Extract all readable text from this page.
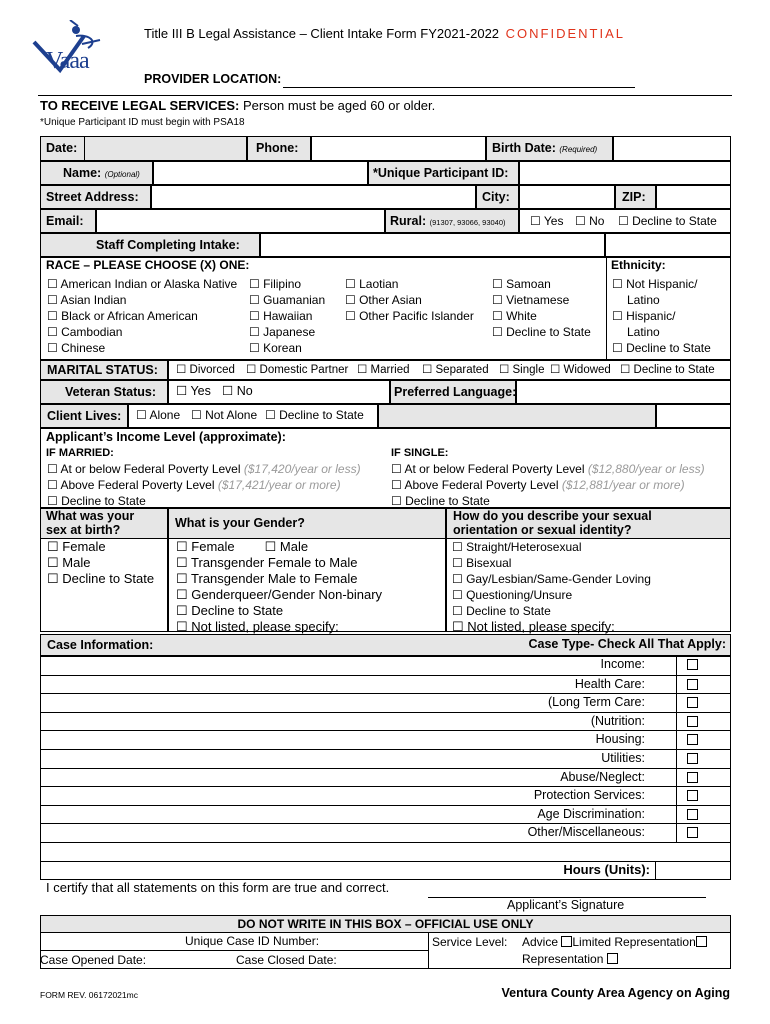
Vaaa
Title III B Legal Assistance – Client Intake Form FY2021-2022 CONFIDENTIAL
PROVIDER LOCATION:
TO RECEIVE LEGAL SERVICES: Person must be aged 60 or older.
*Unique Participant ID must begin with PSA18
Date:	Phone:	Birth Date: (Required)
Name: (Optional)	*Unique Participant ID:
Street Address:	City:	ZIP:
Email:	Rural: (91307, 93066, 93040)	☐ Yes	☐ No	☐ Decline to State
Staff Completing Intake:
RACE – PLEASE CHOOSE (X) ONE:	Ethnicity:
☐ American Indian or Alaska Native
☐ Asian Indian
☐ Black or African American
☐ Cambodian
☐ Chinese
☐ Filipino
☐ Guamanian
☐ Hawaiian
☐ Japanese
☐ Korean
☐ Laotian
☐ Other Asian
☐ Other Pacific Islander
☐ Samoan
☐ Vietnamese
☐ White
☐ Decline to State
☐ Not Hispanic/
Latino
☐ Hispanic/
Latino
☐ Decline to State
MARITAL STATUS:	☐ Divorced	☐ Domestic Partner	☐ Married	☐ Separated	☐ Single	☐ Widowed	☐ Decline to State
Veteran Status:	☐ Yes	☐ No	Preferred Language:
Client Lives:	☐ Alone	☐ Not Alone	☐ Decline to State
Applicant’s Income Level (approximate):
IF MARRIED:
☐ At or below Federal Poverty Level ($17,420/year or less)
☐ Above Federal Poverty Level ($17,421/year or more)
☐ Decline to State
IF SINGLE:
☐ At or below Federal Poverty Level ($12,880/year or less)
☐ Above Federal Poverty Level ($12,881/year or more)
☐ Decline to State
What was your
sex at birth?
☐ Female
☐ Male
☐ Decline to State
What is your Gender?
☐ Female	☐ Male
☐ Transgender Female to Male
☐ Transgender Male to Female
☐ Genderqueer/Gender Non-binary
☐ Decline to State
☐ Not listed, please specify:
How do you describe your sexual
orientation or sexual identity?
☐ Straight/Heterosexual
☐ Bisexual
☐ Gay/Lesbian/Same-Gender Loving
☐ Questioning/Unsure
☐ Decline to State
☐ Not listed, please specify:
Case Information:	Case Type- Check All That Apply:
Income:
Health Care:
(Long Term Care:
(Nutrition:
Housing:
Utilities:
Abuse/Neglect:
Protection Services:
Age Discrimination:
Other/Miscellaneous:
Hours (Units):
I certify that all statements on this form are true and correct.
Applicant’s Signature
DO NOT WRITE IN THIS BOX – OFFICIAL USE ONLY
Unique Case ID Number:
Case Opened Date:	Case Closed Date:
Service Level: Advice Limited Representation
Representation
FORM REV. 06172021mc	Ventura County Area Agency on Aging
